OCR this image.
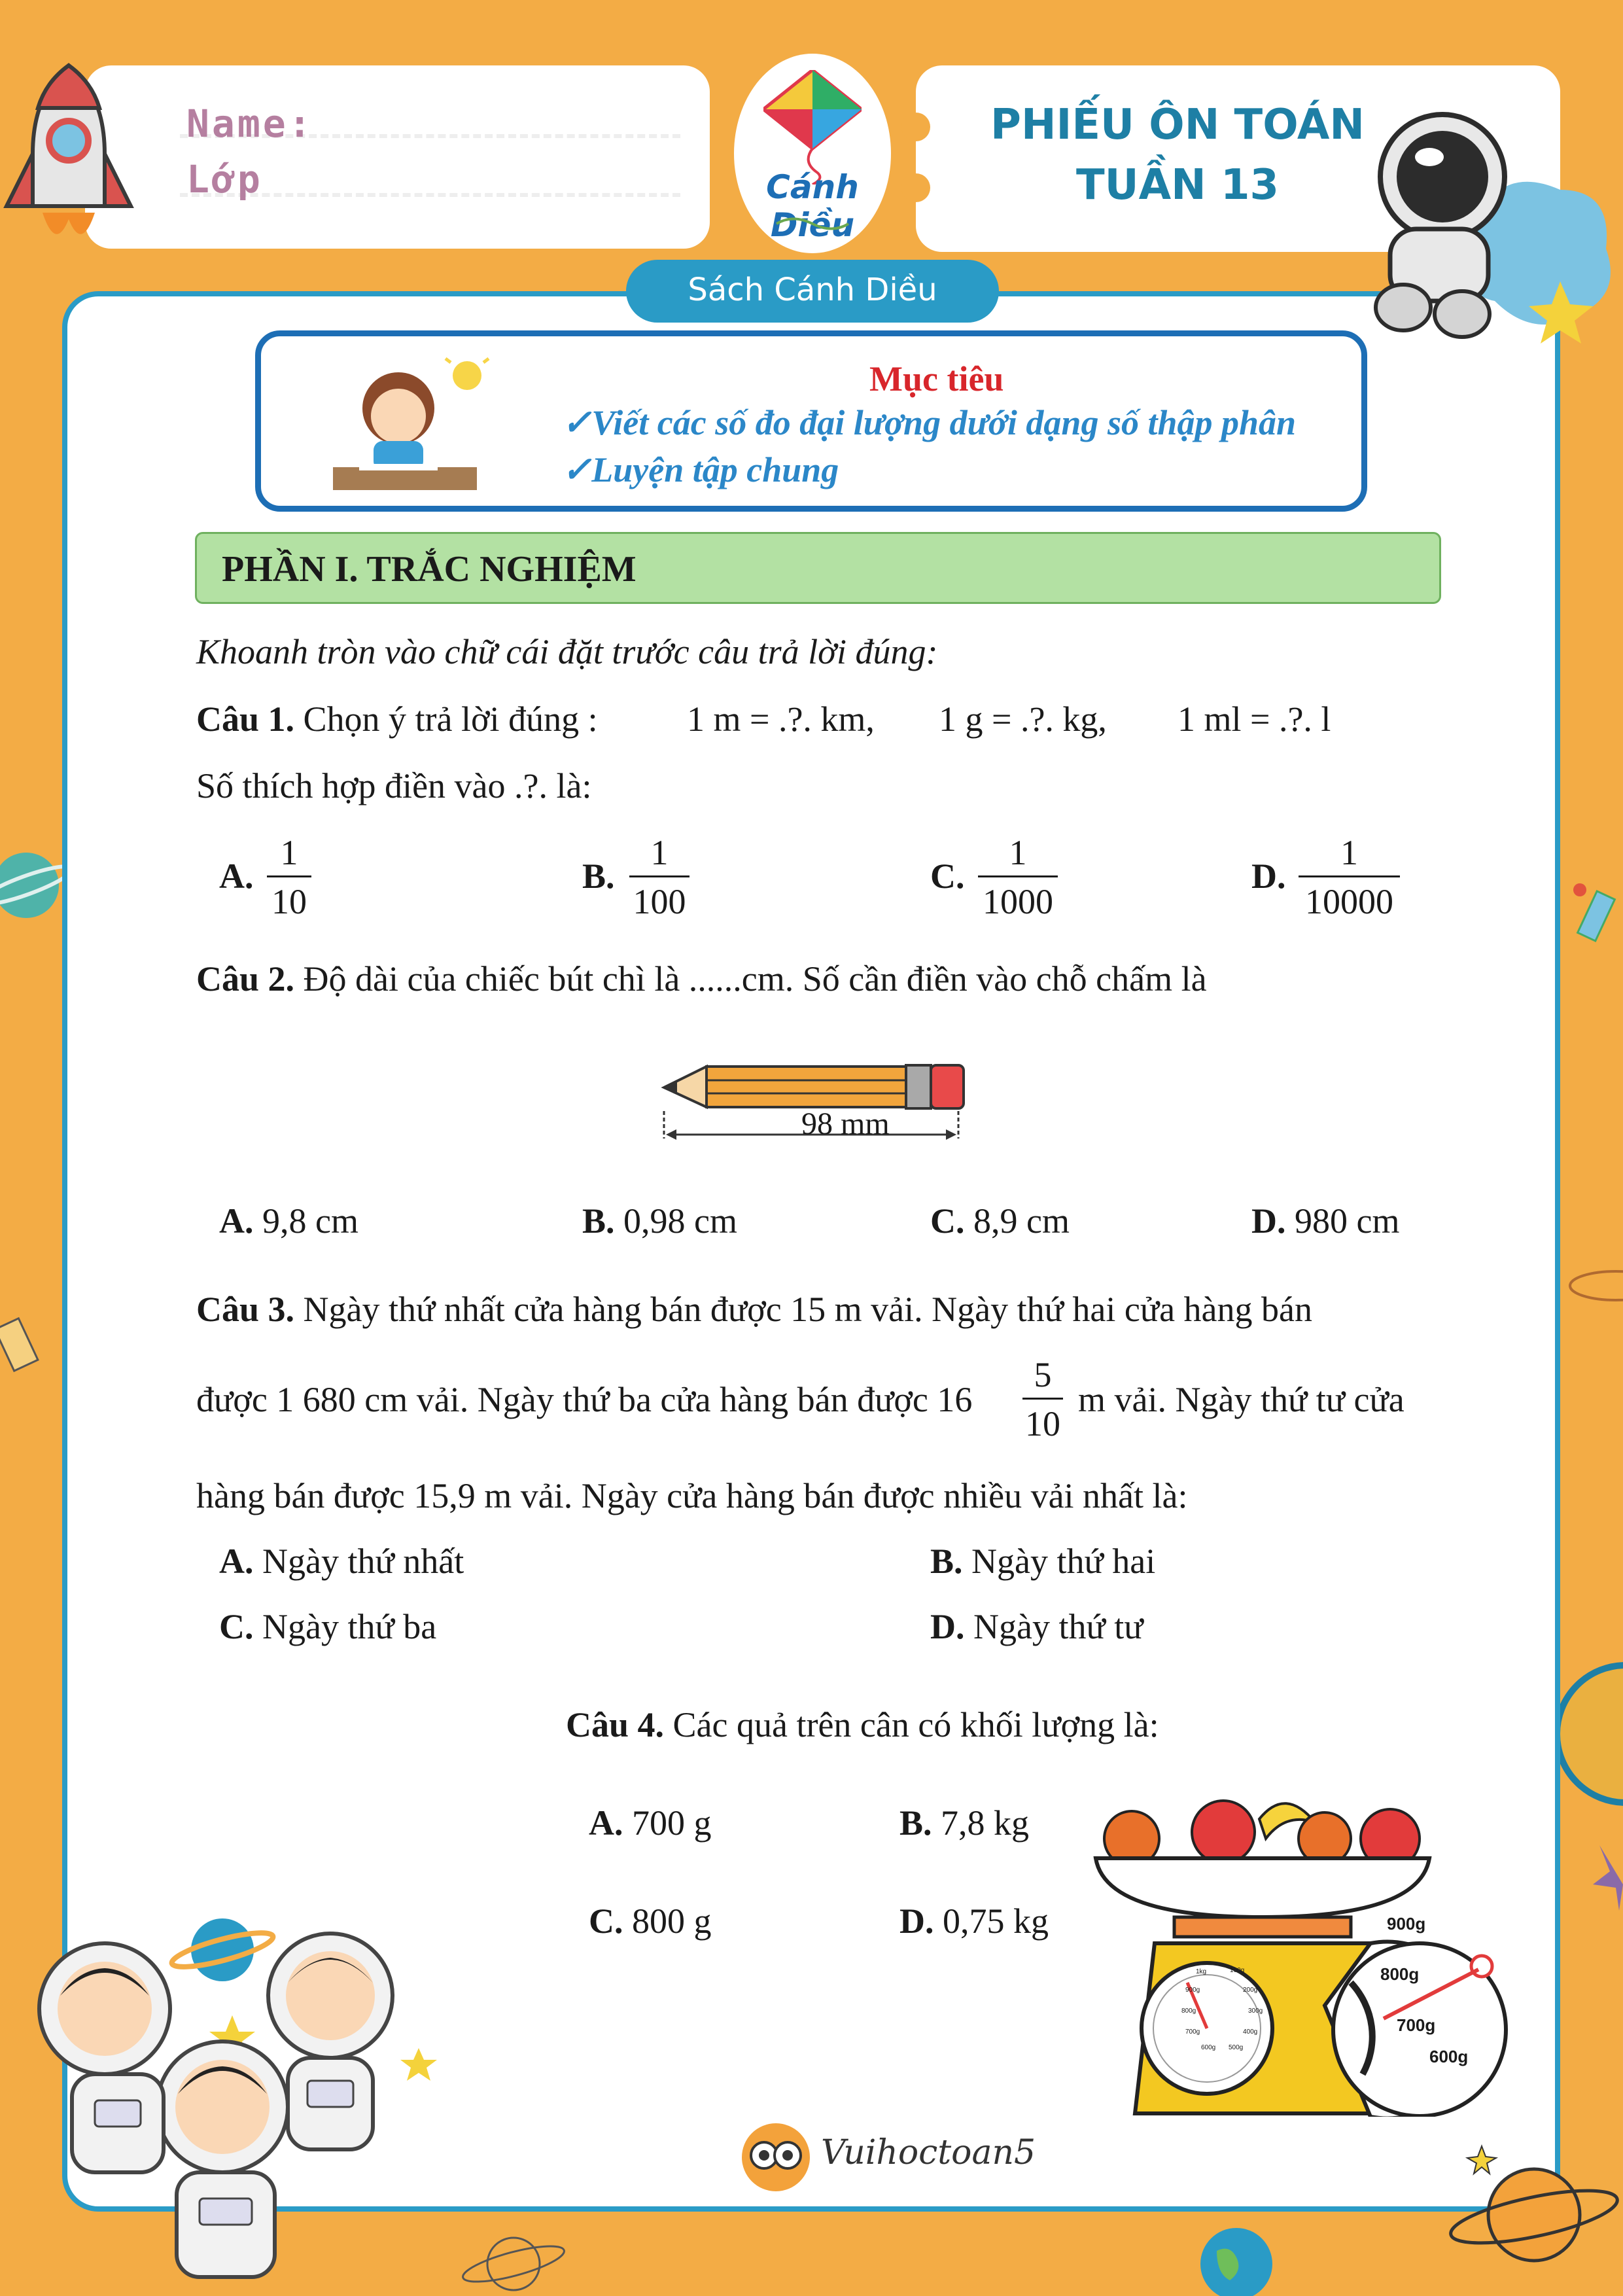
Name:
Lớp	Cánh Diều
PHIẾU ÔN TOÁN
TUẦN 13
Sách Cánh Diều
Mục tiêu
✓Viết các số đo đại lượng dưới dạng số thập phân
✓Luyện tập chung
PHẦN I. TRẮC NGHIỆM
Khoanh tròn vào chữ cái đặt trước câu trả lời đúng:
Câu 1. Chọn ý trả lời đúng :	1 m = .?. km, 1 g = .?. kg, 1 ml = .?. l
Số thích hợp điền vào .?. là:
A.
1
10
B.
1
100
C.
1
1000
D.
1
10000
Câu 2. Độ dài của chiếc bút chì là ......cm. Số cần điền vào chỗ chấm là
98 mm
A. 9,8 cm	B. 0,98 cm	C. 8,9 cm	D. 980 cm
Câu 3. Ngày thứ nhất cửa hàng bán được 15 m vải. Ngày thứ hai cửa hàng bán
được 1 680 cm vải. Ngày thứ ba cửa hàng bán được 16
5
10
m vải. Ngày thứ tư cửa
hàng bán được 15,9 m vải. Ngày cửa hàng bán được nhiều vải nhất là:
A. Ngày thứ nhất	B. Ngày thứ hai
C. Ngày thứ ba	D. Ngày thứ tư
Câu 4. Các quả trên cân có khối lượng là:
A. 700 g	B. 7,8 kg
C. 800 g	D. 0,75 kg	900g
800g
700g
600g
1kg	100g
900g	200g
800g	300g
700g	400g
600g 500g
Vuihoctoan5
